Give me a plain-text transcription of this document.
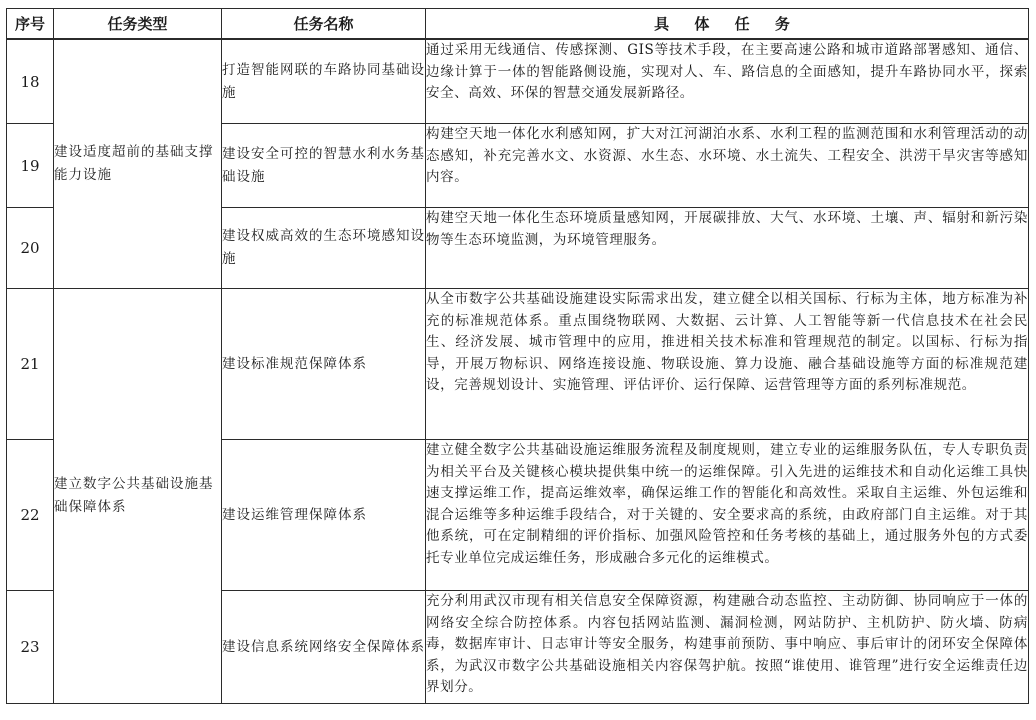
序号	任务类型	任务名称	具 体 任 务
18	建设适度超前的基础支撑能力设施	打造智能网联的车路协同基础设施	通过采用无线通信、传感探测、GIS等技术手段，在主要高速公路和城市道路部署感知、通信、边缘计算于一体的智能路侧设施，实现对人、车、路信息的全面感知，提升车路协同水平，探索安全、高效、环保的智慧交通发展新路径。
19		建设安全可控的智慧水利水务基础设施	构建空天地一体化水利感知网，扩大对江河湖泊水系、水利工程的监测范围和水利管理活动的动态感知，补充完善水文、水资源、水生态、水环境、水土流失、工程安全、洪涝干旱灾害等感知内容。
20		建设权威高效的生态环境感知设施	构建空天地一体化生态环境质量感知网，开展碳排放、大气、水环境、土壤、声、辐射和新污染物等生态环境监测，为环境管理服务。
21	建立数字公共基础设施基础保障体系	建设标准规范保障体系	从全市数字公共基础设施建设实际需求出发，建立健全以相关国标、行标为主体，地方标准为补充的标准规范体系。重点围绕物联网、大数据、云计算、人工智能等新一代信息技术在社会民生、经济发展、城市管理中的应用，推进相关技术标准和管理规范的制定。以国标、行标为指导，开展万物标识、网络连接设施、物联设施、算力设施、融合基础设施等方面的标准规范建设，完善规划设计、实施管理、评估评价、运行保障、运营管理等方面的系列标准规范。
22		建设运维管理保障体系	建立健全数字公共基础设施运维服务流程及制度规则，建立专业的运维服务队伍，专人专职负责为相关平台及关键核心模块提供集中统一的运维保障。引入先进的运维技术和自动化运维工具快速支撑运维工作，提高运维效率，确保运维工作的智能化和高效性。采取自主运维、外包运维和混合运维等多种运维手段结合，对于关键的、安全要求高的系统，由政府部门自主运维。对于其他系统，可在定制精细的评价指标、加强风险管控和任务考核的基础上，通过服务外包的方式委托专业单位完成运维任务，形成融合多元化的运维模式。
23		建设信息系统网络安全保障体系	充分利用武汉市现有相关信息安全保障资源，构建融合动态监控、主动防御、协同响应于一体的网络安全综合防控体系。内容包括网站监测、漏洞检测，网站防护、主机防护、防火墙、防病毒，数据库审计、日志审计等安全服务，构建事前预防、事中响应、事后审计的闭环安全保障体系，为武汉市数字公共基础设施相关内容保驾护航。按照“谁使用、谁管理”进行安全运维责任边界划分。
